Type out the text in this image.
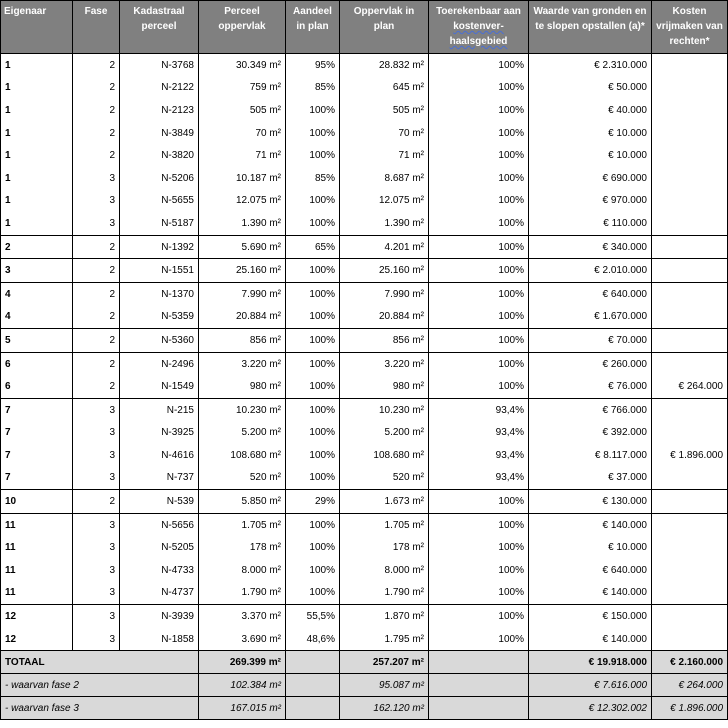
Eigenaar	Fase	Kadastraal perceel	Perceel oppervlak	Aandeel in plan	Oppervlak in plan	Toerekenbaar aan kostenver-haalsgebied	Waarde van gronden en te slopen opstallen (a)*	Kosten vrijmaken van rechten*
1	2	N-3768	30.349 m²	95%	28.832 m²	100%	€ 2.310.000	
1	2	N-2122	759 m²	85%	645 m²	100%	€ 50.000	
1	2	N-2123	505 m²	100%	505 m²	100%	€ 40.000	
1	2	N-3849	70 m²	100%	70 m²	100%	€ 10.000	
1	2	N-3820	71 m²	100%	71 m²	100%	€ 10.000	
1	3	N-5206	10.187 m²	85%	8.687 m²	100%	€ 690.000	
1	3	N-5655	12.075 m²	100%	12.075 m²	100%	€ 970.000	
1	3	N-5187	1.390 m²	100%	1.390 m²	100%	€ 110.000	
2	2	N-1392	5.690 m²	65%	4.201 m²	100%	€ 340.000	
3	2	N-1551	25.160 m²	100%	25.160 m²	100%	€ 2.010.000	
4	2	N-1370	7.990 m²	100%	7.990 m²	100%	€ 640.000	
4	2	N-5359	20.884 m²	100%	20.884 m²	100%	€ 1.670.000	
5	2	N-5360	856 m²	100%	856 m²	100%	€ 70.000	
6	2	N-2496	3.220 m²	100%	3.220 m²	100%	€ 260.000	
6	2	N-1549	980 m²	100%	980 m²	100%	€ 76.000	€ 264.000
7	3	N-215	10.230 m²	100%	10.230 m²	93,4%	€ 766.000	
7	3	N-3925	5.200 m²	100%	5.200 m²	93,4%	€ 392.000	
7	3	N-4616	108.680 m²	100%	108.680 m²	93,4%	€ 8.117.000	€ 1.896.000
7	3	N-737	520 m²	100%	520 m²	93,4%	€ 37.000	
10	2	N-539	5.850 m²	29%	1.673 m²	100%	€ 130.000	
11	3	N-5656	1.705 m²	100%	1.705 m²	100%	€ 140.000	
11	3	N-5205	178 m²	100%	178 m²	100%	€ 10.000	
11	3	N-4733	8.000 m²	100%	8.000 m²	100%	€ 640.000	
11	3	N-4737	1.790 m²	100%	1.790 m²	100%	€ 140.000	
12	3	N-3939	3.370 m²	55,5%	1.870 m²	100%	€ 150.000	
12	3	N-1858	3.690 m²	48,6%	1.795 m²	100%	€ 140.000	
TOTAAL			269.399 m²		257.207 m²		€ 19.918.000	€ 2.160.000
- waarvan fase 2			102.384 m²		95.087 m²		€ 7.616.000	€ 264.000
- waarvan fase 3			167.015 m²		162.120 m²		€ 12.302.002	€ 1.896.000
